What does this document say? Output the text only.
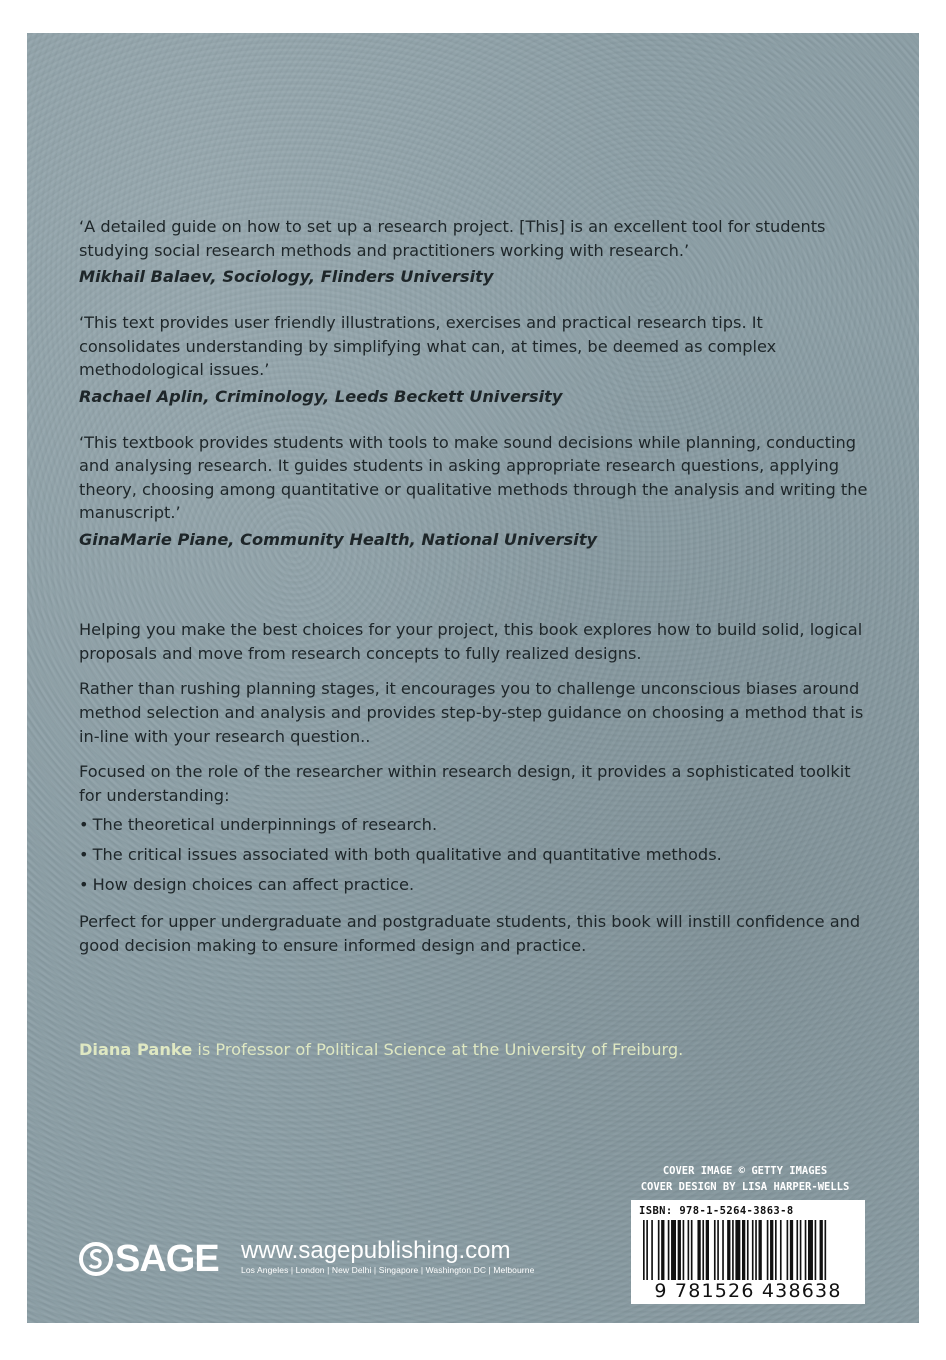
‘A detailed guide on how to set up a research project. [This] is an excellent tool for students studying social research methods and practitioners working with research.’
Mikhail Balaev, Sociology, Flinders University
‘This text provides user friendly illustrations, exercises and practical research tips. It consolidates understanding by simplifying what can, at times, be deemed as complex methodological issues.’
Rachael Aplin, Criminology, Leeds Beckett University
‘This textbook provides students with tools to make sound decisions while planning, conducting and analysing research. It guides students in asking appropriate research questions, applying theory, choosing among quantitative or qualitative methods through the analysis and writing the manuscript.’
GinaMarie Piane, Community Health, National University

Helping you make the best choices for your project, this book explores how to build solid, logical proposals and move from research concepts to fully realized designs.

Rather than rushing planning stages, it encourages you to challenge unconscious biases around method selection and analysis and provides step-by-step guidance on choosing a method that is in-line with your research question..

Focused on the role of the researcher within research design, it provides a sophisticated toolkit for understanding:

• The theoretical underpinnings of research.
• The critical issues associated with both qualitative and quantitative methods.
• How design choices can affect practice.

Perfect for upper undergraduate and postgraduate students, this book will instill confidence and good decision making to ensure informed design and practice.

Diana Panke is Professor of Political Science at the University of Freiburg.
COVER IMAGE © GETTY IMAGES
COVER DESIGN BY LISA HARPER-WELLS
ISBN: 978-1-5264-3863-8
9 781526 438638
SAGE www.sagepublishing.com
Los Angeles | London | New Delhi | Singapore | Washington DC | Melbourne
